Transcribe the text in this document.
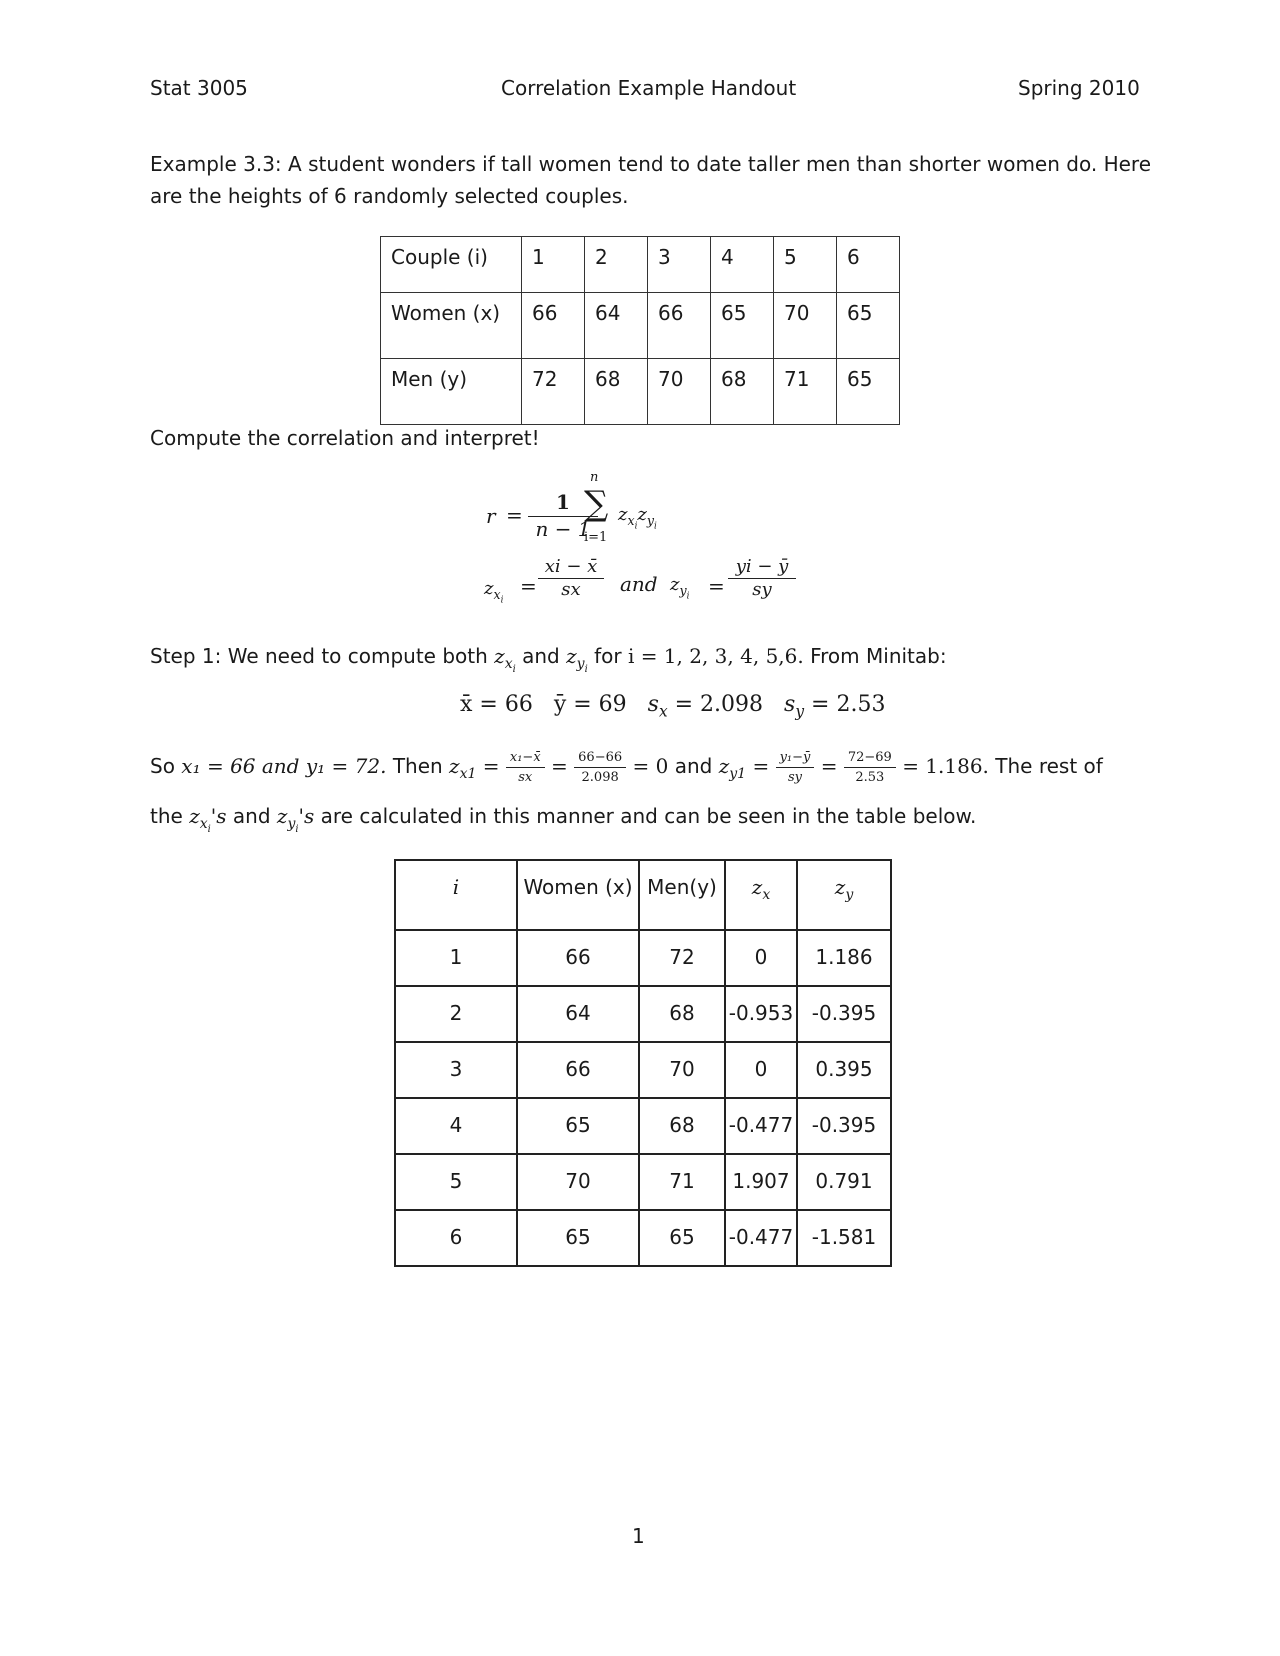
Stat 3005	Correlation Example Handout	Spring 2010
Example 3.3: A student wonders if tall women tend to date taller men than shorter women do. Here
are the heights of 6 randomly selected couples.
Couple (i)	1	2	3	4	5	6
Women (x)	66	64	66	65	70	65
Men (y)	72	68	70	68	71	65
Compute the correlation and interpret!
r =
1
n − 1
n
∑
i=1
$z_{x_i}z_{y_i}$
$z_{x_i}$
= $\frac{xi - x̄}{sx}$ and $z_{y_i} = \frac{yi - ȳ}{sy}$
Step 1: We need to compute both $z_{x_i}$ and $z_{y_i}$ for i = 1, 2, 3, 4, 5,6. From Minitab:
x̄ = 66 ȳ = 69 $s_x = 2.098$ $s_y = 2.53$
So x₁ = 66 and y₁ = 72. Then $z_{x1} = \frac{\text{x₁−x̄}}{sx} = \frac{66-66}{2.098} = 0$ and $z_{y1} = \frac{\text{y₁−ȳ}}{sy} = \frac{72-69}{2.53} = 1.186$. The rest of
the $z_{x_i}'s$ and $z_{y_i}'s$ are calculated in this manner and can be seen in the table below.
i	Women (x)	Men(y)	$z_x$	$z_y$
1	66	72	0	1.186
2	64	68	-0.953	-0.395
3	66	70	0	0.395
4	65	68	-0.477	-0.395
5	70	71	1.907	0.791
6	65	65	-0.477	-1.581
1
